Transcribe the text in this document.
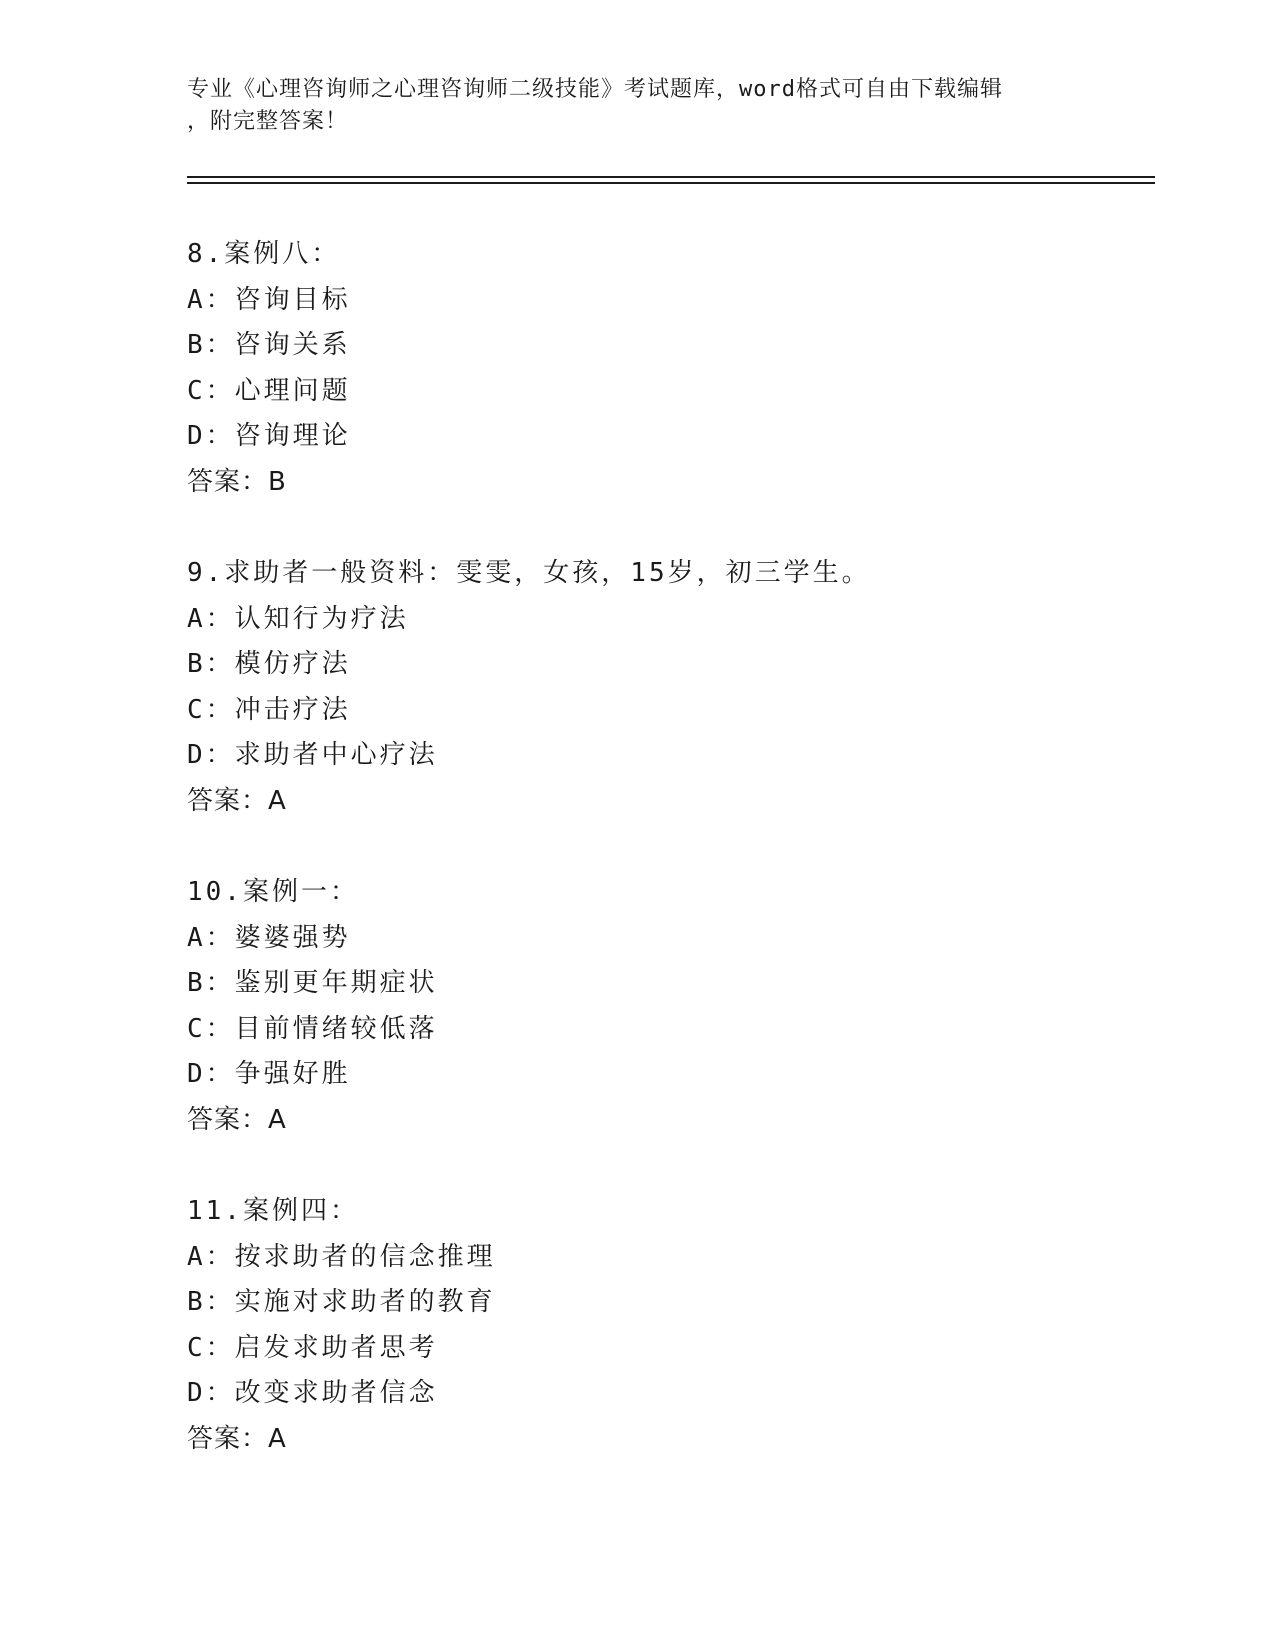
专业《心理咨询师之心理咨询师二级技能》考试题库，word格式可自由下载编辑
，附完整答案！
8.案例八：
A：咨询目标
B：咨询关系
C：心理问题
D：咨询理论
答案：B
9.求助者一般资料：雯雯，女孩，15岁，初三学生。
A：认知行为疗法
B：模仿疗法
C：冲击疗法
D：求助者中心疗法
答案：A
10.案例一：
A：婆婆强势
B：鉴别更年期症状
C：目前情绪较低落
D：争强好胜
答案：A
11.案例四：
A：按求助者的信念推理
B：实施对求助者的教育
C：启发求助者思考
D：改变求助者信念
答案：A
